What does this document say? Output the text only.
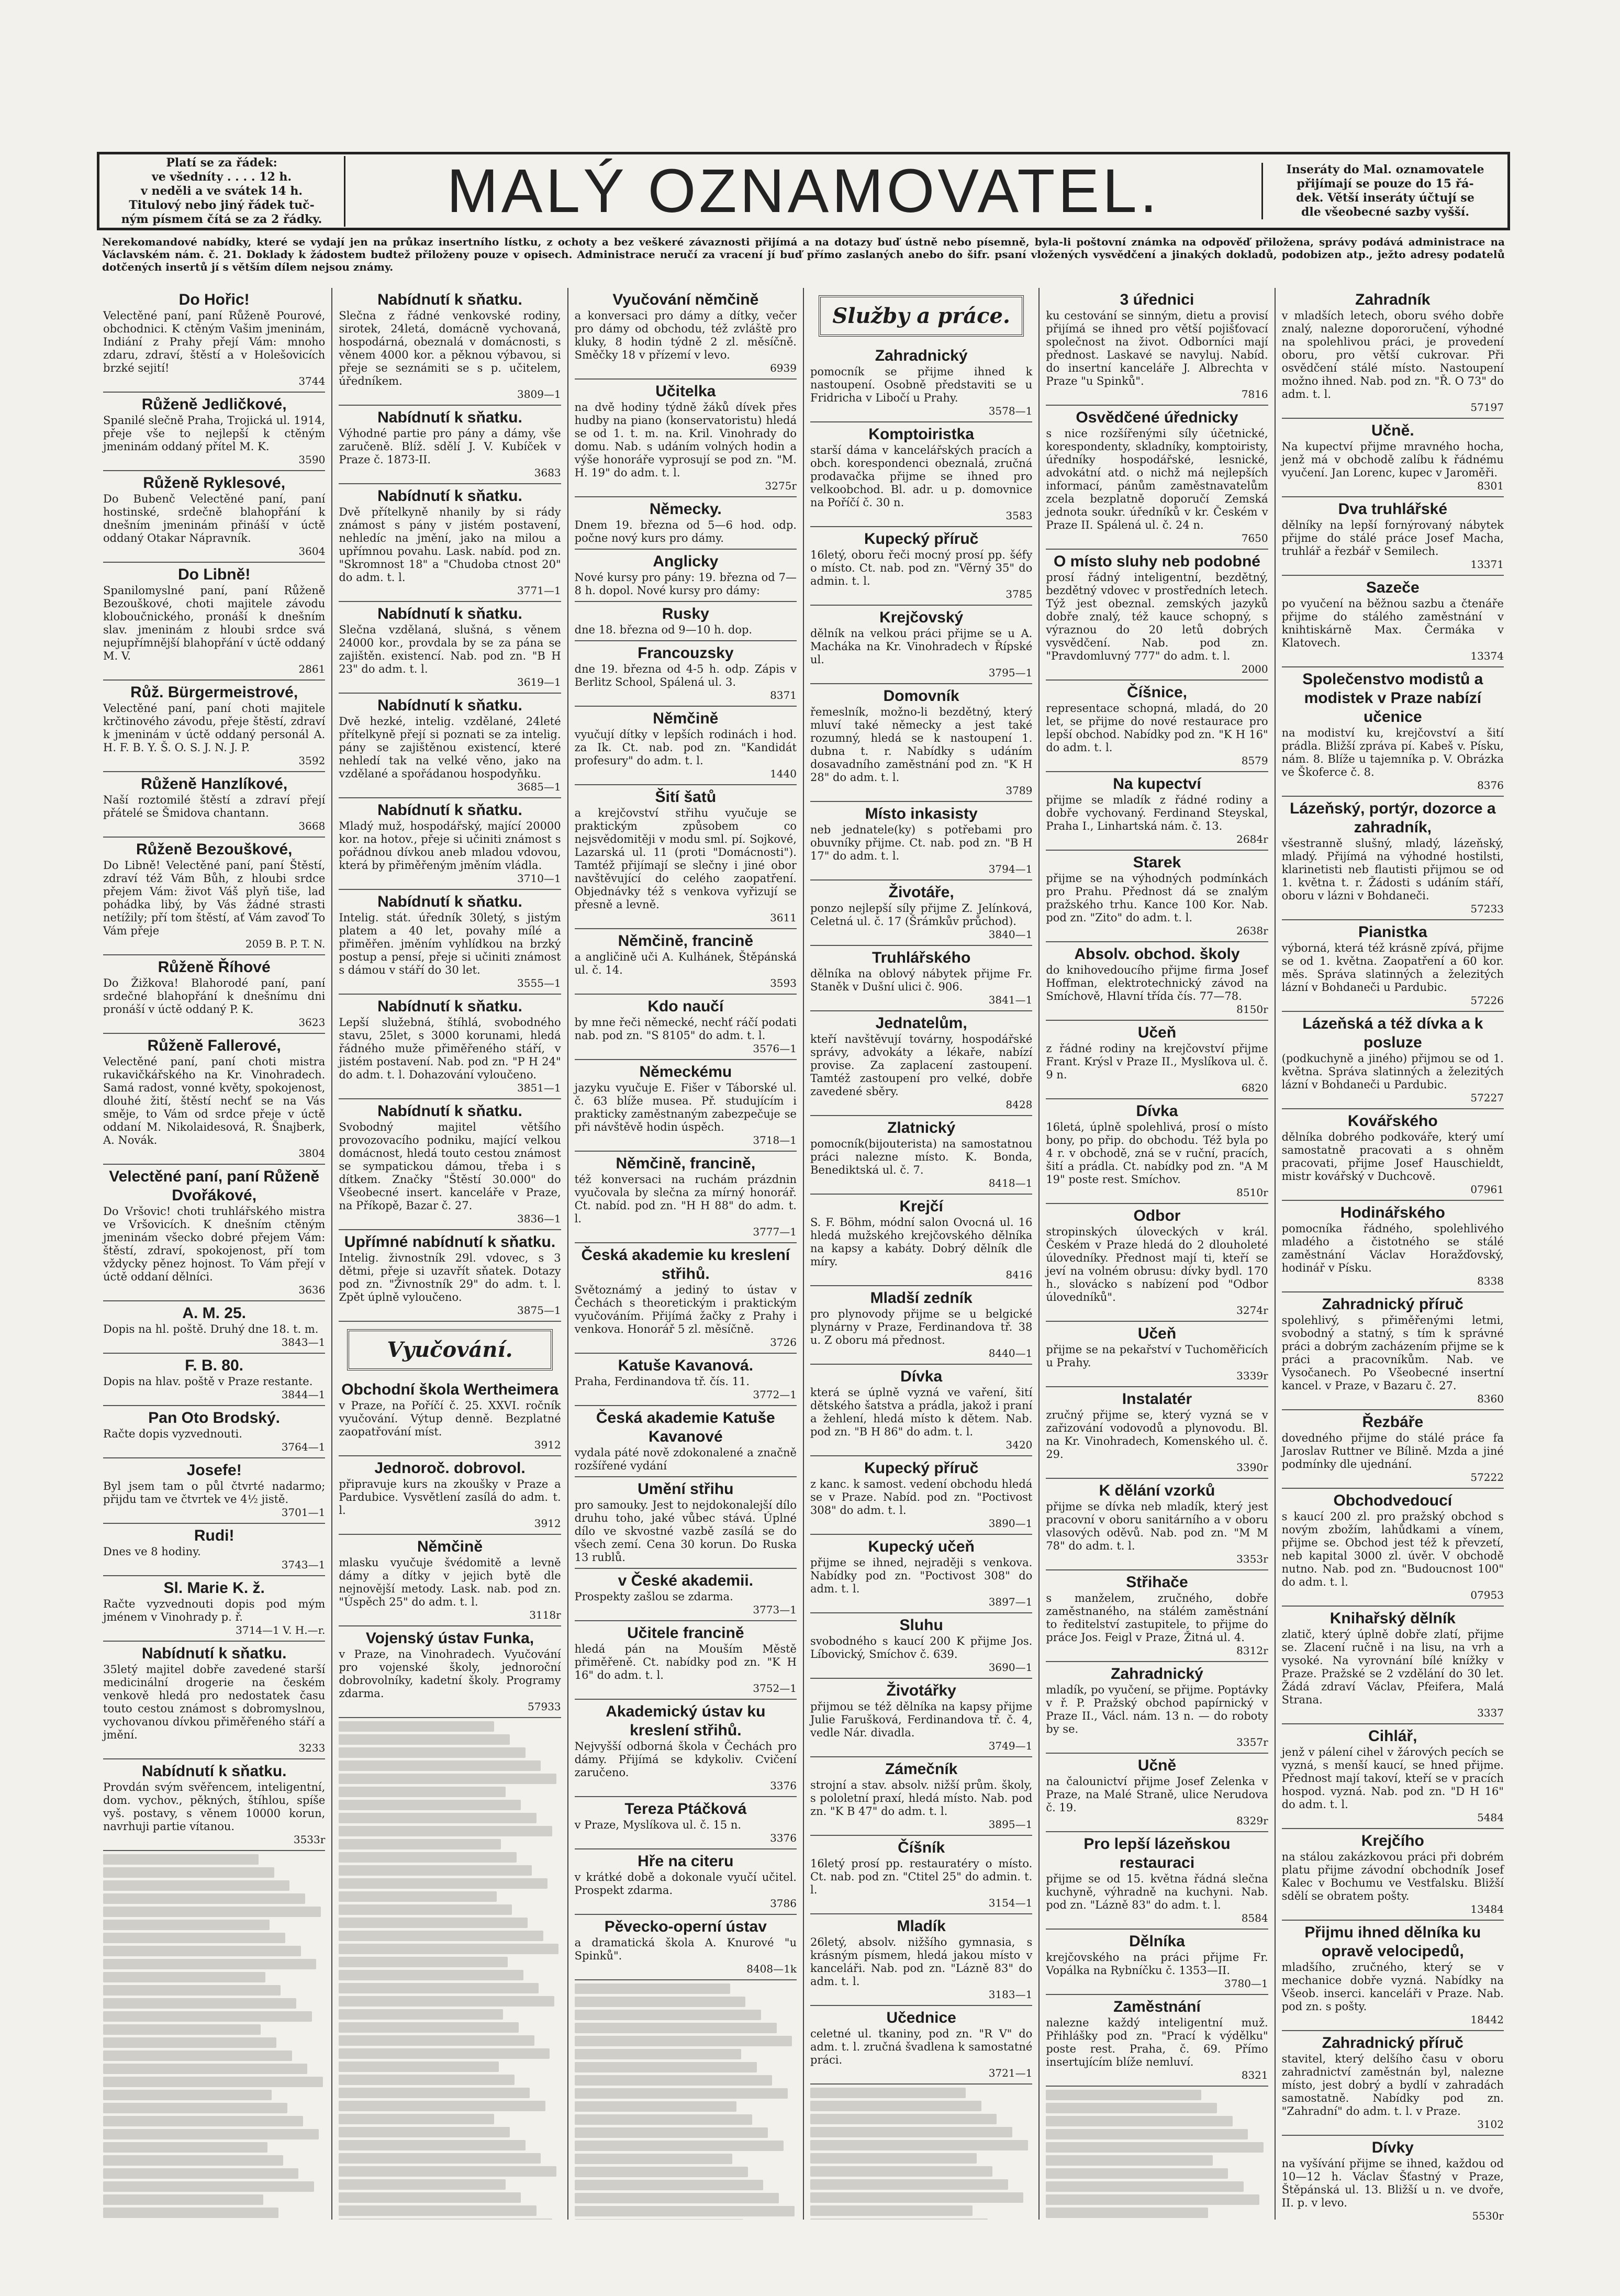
Platí se za řádek:
ve všedníty . . . . 12 h.
v neděli a ve svátek 14 h.
Titulový nebo jiný řádek tuč-
ným písmem čítá se za 2 řádky.	MALÝ OZNAMOVATEL.	Inseráty do Mal. oznamovatele
přijímají se pouze do 15 řá-
dek. Větší inseráty účtují se
dle všeobecné sazby vyšší.
Nerekomandové nabídky, které se vydají jen na průkaz insertního lístku, z ochoty a bez veškeré závaznosti přijímá a na dotazy buď ústně nebo písemně, byla-li poštovní známka na odpověď přiložena, správy podává administrace na Václavském nám. č. 21. Doklady k žádostem budtež přiloženy pouze v opisech. Administrace neručí za vracení jí buď přímo zaslaných anebo do šifr. psaní vložených vysvědčení a jinakých dokladů, podobizen atp., ježto adresy podatelů dotčených insertů jí s větším dílem nejsou známy.
Do Hořic!
Velectěné paní, paní Růženě Pourové, obchodnici. K ctěným Vašim jmeninám, Indiání z Prahy přejí Vám: mnoho zdaru, zdraví, štěstí a v Holešovicích brzké sejití!
3744
Růženě Jedličkové,
Spanilé slečně Praha, Trojická ul. 1914, přeje vše to nejlepší k ctěným jmeninám oddaný přítel M. K.
3590
Růženě Ryklesové,
Do Bubenč Velectěné paní, paní hostinské, srdečně blahopřání k dnešním jmeninám přináší v úctě oddaný Otakar Nápravník.
3604
Do Libně!
Spanilomyslné paní, paní Růženě Bezouškové, choti majitele závodu kloboučnického, pronáší k dnešním slav. jmeninám z hloubi srdce svá nejupřímnější blahopřání v úctě oddaný M. V.
2861
Růž. Bürgermeistrové,
Velectěné paní, paní choti majitele krčtinového závodu, přeje štěstí, zdraví k jmeninám v úctě oddaný personál A. H. F. B. Y. Š. O. S. J. N. J. P.
3592
Růženě Hanzlíkové,
Naší roztomilé štěstí a zdraví přejí přátelé se Šmidova chantann.
3668
Růženě Bezouškové,
Do Libně! Velectěné paní, paní Štěstí, zdraví též Vám Bůh, z hloubi srdce přejem Vám: život Váš plyň tiše, lad pohádka libý, by Vás žádné strasti netížily; pří tom štěstí, ať Vám zavoď To Vám přeje
2059 B. P. T. N.
Růženě Říhové
Do Žižkova! Blahorodé paní, paní srdečné blahopřání k dnešnímu dni pronáší v úctě oddaný P. K.
3623
Růženě Fallerové,
Velectěné paní, paní choti mistra rukavičkářského na Kr. Vinohradech. Samá radost, vonné květy, spokojenost, dlouhé žití, štěstí nechť se na Vás směje, to Vám od srdce přeje v úctě oddaní M. Nikolaidesová, R. Šnajberk, A. Novák.
3804
Velectěné paní, paní Růženě Dvořákové,
Do Vršovic! choti truhlářského mistra ve Vršovicích. K dnešním ctěným jmeninám všecko dobré přejem Vám: štěstí, zdraví, spokojenost, pří tom vždycky pěnez hojnost. To Vám přejí v úctě oddaní dělníci.
3636
A. M. 25.
Dopis na hl. poště. Druhý dne 18. t. m.
3843—1
F. B. 80.
Dopis na hlav. poště v Praze restante.
3844—1
Pan Oto Brodský.
Račte dopis vyzvednouti.
3764—1
Josefe!
Byl jsem tam o půl čtvrté nadarmo; přijdu tam ve čtvrtek ve 4½ jistě.
3701—1
Rudi!
Dnes ve 8 hodiny.
3743—1
Sl. Marie K. ž.
Račte vyzvednouti dopis pod mým jménem v Vinohrady p. ř.
3714—1 V. H.—r.
Nabídnutí k sňatku.
35letý majitel dobře zavedené starší medicinální drogerie na českém venkově hledá pro nedostatek času touto cestou známost s dobromyslnou, vychovanou dívkou přiměřeného stáří a jmění.
3233
Nabídnutí k sňatku.
Provdán svým svěřencem, inteligentní, dom. vychov., pěkných, štíhlou, spíše vyš. postavy, s věnem 10000 korun, navrhuji partie vítanou.
3533r
Nabídnutí k sňatku.
Slečna z řádné venkovské rodiny, sirotek, 24letá, domácně vychovaná, hospodárná, obeznalá v domácnosti, s věnem 4000 kor. a pěknou výbavou, si přeje se seznámiti se s p. učitelem, úředníkem.
3809—1
Nabídnutí k sňatku.
Výhodné partie pro pány a dámy, vše zaručeně. Blíž. sdělí J. V. Kubíček v Praze č. 1873-II.
3683
Nabídnutí k sňatku.
Dvě přítelkyně nhanily by si rády známost s pány v jistém postavení, nehledíc na jmění, jako na milou a upřímnou povahu. Lask. nabíd. pod zn. "Skromnost 18" a "Chudoba ctnost 20" do adm. t. l.
3771—1
Nabídnutí k sňatku.
Slečna vzdělaná, slušná, s věnem 24000 kor., provdala by se za pána se zajištěn. existencí. Nab. pod zn. "B H 23" do adm. t. l.
3619—1
Nabídnutí k sňatku.
Dvě hezké, intelig. vzdělané, 24leté přítelkyně přejí si poznati se za intelig. pány se zajištěnou existencí, které nehledí tak na velké věno, jako na vzdělané a spořádanou hospodyňku.
3685—1
Nabídnutí k sňatku.
Mladý muž, hospodářský, mající 20000 kor. na hotov., přeje si učiniti známost s pořádnou dívkou aneb mladou vdovou, která by přiměřeným jměním vládla.
3710—1
Nabídnutí k sňatku.
Intelig. stát. úředník 30letý, s jistým platem a 40 let, povahy mílé a přiměřen. jměním vyhlídkou na brzký postup a pensí, přeje si učiniti známost s dámou v stáří do 30 let.
3555—1
Nabídnutí k sňatku.
Lepší služebná, štíhlá, svobodného stavu, 25let, s 3000 korunami, hledá řádného muže přiměřeného stáří, v jistém postavení. Nab. pod zn. "P H 24" do adm. t. l. Dohazování vyloučeno.
3851—1
Nabídnutí k sňatku.
Svobodný majitel většího provozovacího podniku, mající velkou domácnost, hledá touto cestou známost se sympatickou dámou, třeba i s dítkem. Značky "Štěstí 30.000" do Všeobecné insert. kanceláře v Praze, na Příkopě, Bazar č. 27.
3836—1
Upřímné nabídnutí k sňatku.
Intelig. živnostník 29l. vdovec, s 3 dětmi, přeje si uzavřít sňatek. Dotazy pod zn. "Živnostník 29" do adm. t. l. Zpět úplně vyloučeno.
3875—1
Vyučování.
Obchodní škola Wertheimera
v Praze, na Poříčí č. 25. XXVI. ročník vyučování. Výtup denně. Bezplatné zaopatřování míst.
3912
Jednoroč. dobrovol.
připravuje kurs na zkoušky v Praze a Pardubice. Vysvětlení zasílá do adm. t. l.
3912
Němčině
mlasku vyučuje švédomitě a levně dámy a dítky v jejich bytě dle nejnovější metody. Lask. nab. pod zn. "Úspěch 25" do adm. t. l.
3118r
Vojenský ústav Funka,
v Praze, na Vinohradech. Vyučování pro vojenské školy, jednoroční dobrovolníky, kadetní školy. Programy zdarma.
57933
Vyučování němčině
a konversaci pro dámy a dítky, večer pro dámy od obchodu, též zvláště pro kluky, 8 hodin týdně 2 zl. měsíčně. Směčky 18 v přízemí v levo.
6939
Učitelka
na dvě hodiny týdně žáků dívek přes hudby na piano (konservatoristu) hledá se od 1. t. m. na. Kril. Vinohrady do domu. Nab. s udáním volných hodin a výše honoráře vyprosují se pod zn. "M. H. 19" do adm. t. l.
3275r
Německy.
Dnem 19. března od 5—6 hod. odp. počne nový kurs pro dámy.
Anglicky
Nové kursy pro pány: 19. března od 7—8 h. dopol. Nové kursy pro dámy:
Rusky
dne 18. března od 9—10 h. dop.
Francouzsky
dne 19. března od 4-5 h. odp. Zápis v Berlitz School, Spálená ul. 3.
8371
Němčině
vyučují dítky v lepších rodinách i hod. za Ik. Ct. nab. pod zn. "Kandidát profesury" do adm. t. l.
1440
Šití šatů
a krejčovství střihu vyučuje se praktickým způsobem co nejsvědomitěji v modu sml. pí. Sojkové, Lazarská ul. 11 (proti "Domácnosti"). Tamtéž přijímají se slečny i jiné obor navštěvující do celého zaopatření. Objednávky též s venkova vyřizují se přesně a levně.
3611
Němčině, francině
a angličině uči A. Kulhánek, Štěpánská ul. č. 14.
3593
Kdo naučí
by mne řeči německé, nechť ráčí podati nab. pod zn. "S 8105" do adm. t. l.
3576—1
Německému
jazyku vyučuje E. Fišer v Táborské ul. č. 63 blíže musea. Př. studujícím i prakticky zaměstnaným zabezpečuje se při návštěvě hodin úspěch.
3718—1
Němčině, francině,
též konversaci na ruchám prázdnin vyučovala by slečna za mírný honorář. Ct. nabíd. pod zn. "H H 88" do adm. t. l.
3777—1
Česká akademie ku kreslení střihů.
Světoznámý a jediný to ústav v Čechách s theoretickým i praktickým vyučováním. Přijímá žačky z Prahy i venkova. Honorář 5 zl. měsíčně.
3726
Katuše Kavanová.
Praha, Ferdinandova tř. čís. 11.
3772—1
Česká akademie Katuše Kavanové
vydala páté nově zdokonalené a značně rozšířené vydání
Umění střihu
pro samouky. Jest to nejdokonalejší dílo druhu toho, jaké vůbec stává. Úplné dílo ve skvostné vazbě zasílá se do všech zemí. Cena 30 korun. Do Ruska 13 rublů.
v České akademii.
Prospekty zašlou se zdarma.
3773—1
Učitele francině
hledá pán na Mouším Městě přiměřeně. Ct. nabídky pod zn. "K H 16" do adm. t. l.
3752—1
Akademický ústav ku kreslení střihů.
Nejvyšší odborná škola v Čechách pro dámy. Přijímá se kdykoliv. Cvičení zaručeno.
3376
Tereza Ptáčková
v Praze, Myslíkova ul. č. 15 n.
3376
Hře na citeru
v krátké době a dokonale vyučí učitel. Prospekt zdarma.
3786
Pěvecko-operní ústav
a dramatická škola A. Knurové "u Spinků".
8408—1k
Služby a práce.
Zahradnický
pomocník se přijme ihned k nastoupení. Osobně představiti se u Fridricha v Libočí u Prahy.
3578—1
Komptoiristka
starší dáma v kancelářských pracích a obch. korespondenci obeznalá, zručná prodavačka přijme se ihned pro velkoobchod. Bl. adr. u p. domovnice na Poříčí č. 30 n.
3583
Kupecký příruč
16letý, oboru řeči mocný prosí pp. šéfy o místo. Ct. nab. pod zn. "Věrný 35" do admin. t. l.
3785
Krejčovský
dělník na velkou práci přijme se u A. Macháka na Kr. Vinohradech v Řípské ul.
3795—1
Domovník
řemeslník, možno-li bezdětný, který mluví také německy a jest také rozumný, hledá se k nastoupení 1. dubna t. r. Nabídky s udáním dosavadního zaměstnání pod zn. "K H 28" do adm. t. l.
3789
Místo inkasisty
neb jednatele(ky) s potřebami pro obuvníky přijme. Ct. nab. pod zn. "B H 17" do adm. t. l.
3794—1
Životáře,
ponzo nejlepší síly přijme Z. Jelínková, Celetná ul. č. 17 (Šrámkův průchod).
3840—1
Truhlářského
dělníka na oblový nábytek přijme Fr. Staněk v Dušní ulici č. 906.
3841—1
Jednatelům,
kteří navštěvují továrny, hospodářské správy, advokáty a lékaře, nabízí provise. Za zaplacení zastoupení. Tamtéž zastoupení pro velké, dobře zavedené sběry.
8428
Zlatnický
pomocník(bijouterista) na samostatnou práci nalezne místo. K. Bonda, Benediktská ul. č. 7.
8418—1
Krejčí
S. F. Böhm, módní salon Ovocná ul. 16 hledá mužského krejčovského dělníka na kapsy a kabáty. Dobrý dělník dle míry.
8416
Mladší zedník
pro plynovody přijme se u belgické plynárny v Praze, Ferdinandova tř. 38 u. Z oboru má přednost.
8440—1
Dívka
která se úplně vyzná ve vaření, šití dětského šatstva a prádla, jakož i praní a žehlení, hledá místo k dětem. Nab. pod zn. "B H 86" do adm. t. l.
3420
Kupecký příruč
z kanc. k samost. vedení obchodu hledá se v Praze. Nabíd. pod zn. "Poctivost 308" do adm. t. l.
3890—1
Kupecký učeň
přijme se ihned, nejraději s venkova. Nabídky pod zn. "Poctivost 308" do adm. t. l.
3897—1
Sluhu
svobodného s kaucí 200 K přijme Jos. Líbovický, Smíchov č. 639.
3690—1
Životářky
přijmou se též dělníka na kapsy přijme Julie Farušková, Ferdinandova tř. č. 4, vedle Nár. divadla.
3749—1
Zámečník
strojní a stav. absolv. nižší prům. školy, s pololetní praxí, hledá místo. Nab. pod zn. "K B 47" do adm. t. l.
3895—1
Číšník
16letý prosí pp. restauratéry o místo. Ct. nab. pod zn. "Ctitel 25" do admin. t. l.
3154—1
Mladík
26letý, absolv. nižšího gymnasia, s krásným písmem, hledá jakou místo v kanceláři. Nab. pod zn. "Lázně 83" do adm. t. l.
3183—1
Učednice
celetné ul. tkaniny, pod zn. "R V" do adm. t. l. zručná švadlena k samostatné práci.
3721—1
3 úřednici
ku cestování se sinným, dietu a provisí přijímá se ihned pro větší pojišťovací společnost na život. Odborníci mají přednost. Laskavé se navyluj. Nabíd. do insertní kanceláře J. Albrechta v Praze "u Spinků".
7816
Osvědčené úřednicky
s nice rozšířenými síly účetnické, korespondenty, skladníky, komptoiristy, úředníky hospodářské, lesnické, advokátní atd. o nichž má nejlepších informací, pánům zaměstnavatelům zcela bezplatně doporučí Zemská jednota soukr. úředníků v kr. Českém v Praze II. Spálená ul. č. 24 n.
7650
O místo sluhy neb podobné
prosí řádný inteligentní, bezdětný, bezdětný vdovec v prostředních letech. Týž jest obeznal. zemských jazyků dobře znalý, též kauce schopný, s výraznou do 20 letů dobrých vysvědčení. Nab. pod zn. "Pravdomluvný 777" do adm. t. l.
2000
Číšnice,
representace schopná, mladá, do 20 let, se přijme do nové restaurace pro lepší obchod. Nabídky pod zn. "K H 16" do adm. t. l.
8579
Na kupectví
přijme se mladík z řádné rodiny a dobře vychovaný. Ferdinand Steyskal, Praha I., Linhartská nám. č. 13.
2684r
Starek
přijme se na výhodných podmínkách pro Prahu. Přednost dá se znalým pražského trhu. Kance 100 Kor. Nab. pod zn. "Zito" do adm. t. l.
2638r
Absolv. obchod. školy
do knihovedoucího přijme firma Josef Hoffman, elektrotechnický závod na Smíchově, Hlavní třída čís. 77—78.
8150r
Učeň
z řádné rodiny na krejčovství přijme Frant. Krýsl v Praze II., Myslíkova ul. č. 9 n.
6820
Dívka
16letá, úplně spolehlivá, prosí o místo bony, po přip. do obchodu. Též byla po 4 r. v obchodě, zná se v ruční, pracích, šití a prádla. Ct. nabídky pod zn. "A M 19" poste rest. Smíchov.
8510r
Odbor
stropinských úloveckých v král. Českém v Praze hledá do 2 dlouholeté úlovedníky. Přednost mají ti, kteří se jeví na volném obrusu: dívky bydl. 170 h., slovácko s nabízení pod "Odbor úlovedníků".
3274r
Učeň
přijme se na pekařství v Tuchoměřicích u Prahy.
3339r
Instalatér
zručný přijme se, který vyzná se v zařizování vodovodů a plynovodu. Bl. na Kr. Vinohradech, Komenského ul. č. 29.
3390r
K dělání vzorků
přijme se dívka neb mladík, který jest pracovní v oboru sanitárního a v oboru vlasových oděvů. Nab. pod zn. "M M 78" do adm. t. l.
3353r
Střihače
s manželem, zručného, dobře zaměstnaného, na stálém zaměstnání to ředitelství zastupitele, to přijme do práce Jos. Feigl v Praze, Žitná ul. 4.
8312r
Zahradnický
mladík, po vyučení, se přijme. Poptávky v ř. P. Pražský obchod papírnický v Praze II., Václ. nám. 13 n. — do roboty by se.
3357r
Učně
na čalounictví přijme Josef Zelenka v Praze, na Malé Straně, ulice Nerudova č. 19.
8329r
Pro lepší lázeňskou restauraci
přijme se od 15. května řádná slečna kuchyně, výhradně na kuchyni. Nab. pod zn. "Lázně 83" do adm. t. l.
8584
Dělníka
krejčovského na práci přijme Fr. Vopálka na Rybníčku č. 1353—II.
3780—1
Zaměstnání
nalezne každý inteligentní muž. Přihlášky pod zn. "Prací k výdělku" poste rest. Praha, č. 69. Přímo insertujícím blíže nemluví.
8321
Zahradník
v mladších letech, oboru svého dobře znalý, nalezne dopororučení, výhodné na spolehlivou práci, je provedení oboru, pro větší cukrovar. Při osvědčení stálé místo. Nastoupení možno ihned. Nab. pod zn. "Ř. O 73" do adm. t. l.
57197
Učně.
Na kupectví přijme mravného hocha, jenž má v obchodě zalíbu k řádnému vyučení. Jan Lorenc, kupec v Jaroměři.
8301
Dva truhlářské
dělníky na lepší fornýrovaný nábytek přijme do stálé práce Josef Macha, truhlář a řezbář v Semilech.
13371
Sazeče
po vyučení na běžnou sazbu a čtenáře přijme do stálého zaměstnání v knihtiskárně Max. Čermáka v Klatovech.
13374
Společenstvo modistů a modistek v Praze nabízí učenice
na modiství ku, krejčovství a šití prádla. Bližší zpráva pí. Kabeš v. Písku, nám. 8. Blíže u tajemníka p. V. Obrázka ve Škoferce č. 8.
8376
Lázeňský, portýr, dozorce a zahradník,
všestranně slušný, mladý, lázeňský, mladý. Přijímá na výhodné hostilsti, klarinetisti neb flautisti přijmou se od 1. května t. r. Žádosti s udáním stáří, oboru v lázni v Bohdaneči.
57233
Pianistka
výborná, která též krásně zpívá, přijme se od 1. května. Zaopatření a 60 kor. měs. Správa slatinných a železitých lázní v Bohdaneči u Pardubic.
57226
Lázeňská a též dívka a k posluze
(podkuchyně a jiného) přijmou se od 1. května. Správa slatinných a železitých lázní v Bohdaneči u Pardubic.
57227
Kovářského
dělníka dobrého podkováře, který umí samostatně pracovati a s ohněm pracovati, přijme Josef Hauschieldt, mistr kovářský v Duchcově.
07961
Hodinářského
pomocníka řádného, spolehlivého mladého a čistotného se stálé zaměstnání Václav Horažďovský, hodinář v Písku.
8338
Zahradnický příruč
spolehlivý, s přiměřenými letmi, svobodný a statný, s tím k správné práci a dobrým zacházením přijme se k práci a pracovníkům. Nab. ve Vysočanech. Po Všeobecné insertní kancel. v Praze, v Bazaru č. 27.
8360
Řezbáře
dovedného přijme do stálé práce fa Jaroslav Ruttner ve Bílině. Mzda a jiné podmínky dle ujednání.
57222
Obchodvedoucí
s kaucí 200 zl. pro pražský obchod s novým zbožím, lahůdkami a vínem, přijme se. Obchod jest též k převzetí, neb kapital 3000 zl. úvěr. V obchodě nutno. Nab. pod zn. "Budoucnost 100" do adm. t. l.
07953
Knihařský dělník
zlatič, který úplně dobře zlatí, přijme se. Zlacení ručně i na lisu, na vrh a vysoké. Na vyrovnání bílé knížky v Praze. Pražské se 2 vzdělání do 30 let. Žádá zdraví Václav, Pfeifera, Malá Strana.
3337
Cihlář,
jenž v pálení cihel v žárových pecích se vyzná, s menší kaucí, se hned přijme. Přednost mají takoví, kteří se v pracích hospod. vyzná. Nab. pod zn. "D H 16" do adm. t. l.
5484
Krejčího
na stálou zakázkovou práci při dobrém platu přijme závodní obchodník Josef Kalec v Bochumu ve Vestfalsku. Bližší sdělí se obratem pošty.
13484
Přijmu ihned dělníka ku opravě velocipedů,
mladšího, zručného, který se v mechanice dobře vyzná. Nabídky na Všeob. inserci. kanceláři v Praze. Nab. pod zn. s pošty.
18442
Zahradnický příruč
stavitel, který delšího času v oboru zahradnictví zaměstnán byl, nalezne místo, jest dobrý a bydlí v zahradách samostatně. Nabídky pod zn. "Zahradní" do adm. t. l. v Praze.
3102
Dívky
na vyšívání přijme se ihned, každou od 10—12 h. Václav Šťastný v Praze, Štěpánská ul. 13. Bližší u n. ve dvoře, II. p. v levo.
5530r
